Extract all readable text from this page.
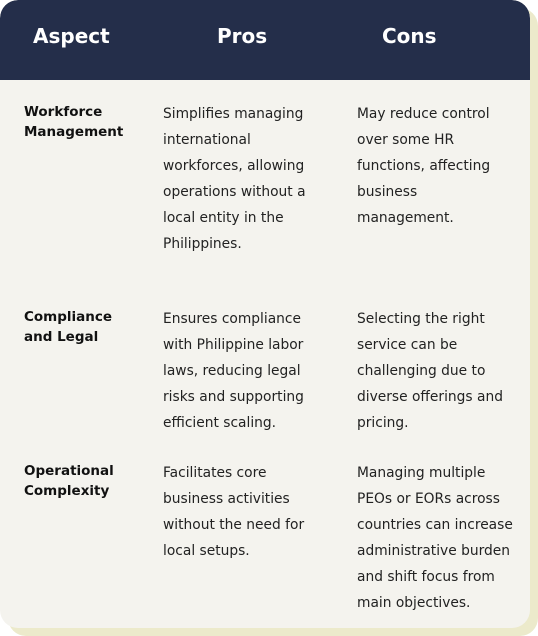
Aspect	Pros	Cons
Workforce
Management
Simplifies managing
international
workforces, allowing
operations without a
local entity in the
Philippines.
May reduce control
over some HR
functions, affecting
business
management.
Compliance
and Legal
Ensures compliance
with Philippine labor
laws, reducing legal
risks and supporting
efficient scaling.
Selecting the right
service can be
challenging due to
diverse offerings and
pricing.
Operational
Complexity
Facilitates core
business activities
without the need for
local setups.
Managing multiple
PEOs or EORs across
countries can increase
administrative burden
and shift focus from
main objectives.
